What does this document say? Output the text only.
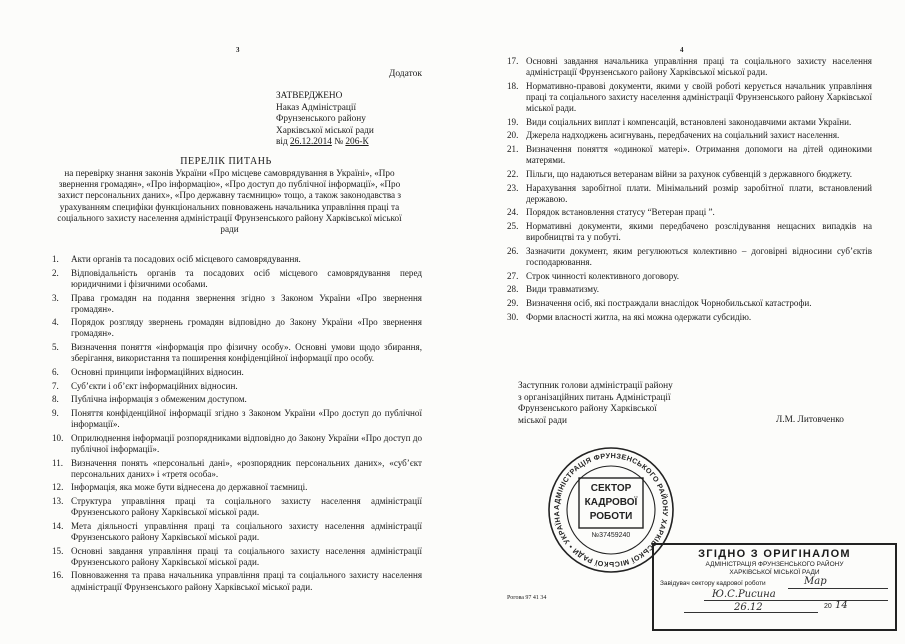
3
Додаток
ЗАТВЕРДЖЕНО
Наказ Адміністрації
Фрунзенського району
Харківської міської ради
від 26.12.2014 № 206-К
ПЕРЕЛІК ПИТАНЬ
на перевірку знання законів України «Про місцеве самоврядування в Україні», «Про звернення громадян», «Про інформацію», «Про доступ до публічної інформації», «Про захист персональних даних», «Про державну таємницю» тощо, а також законодавства з урахуванням специфіки функціональних повноважень начальника управління праці та соціального захисту населення адміністрації Фрунзенського району Харківської міської ради
1. Акти органів та посадових осіб місцевого самоврядування.
2. Відповідальність органів та посадових осіб місцевого самоврядування перед юридичними і фізичними особами.
3. Права громадян на подання звернення згідно з Законом України «Про звернення громадян».
4. Порядок розгляду звернень громадян відповідно до Закону України «Про звернення громадян».
5. Визначення поняття «інформація про фізичну особу». Основні умови щодо збирання, зберігання, використання та поширення конфіденційної інформації про особу.
6. Основні принципи інформаційних відносин.
7. Суб’єкти і об’єкт інформаційних відносин.
8. Публічна інформація з обмеженим доступом.
9. Поняття конфіденційної інформації згідно з Законом України «Про доступ до публічної інформації».
10. Оприлюднення інформації розпорядниками відповідно до Закону України «Про доступ до публічної інформації».
11. Визначення понять «персональні дані», «розпорядник персональних даних», «суб’єкт персональних даних» і «третя особа».
12. Інформація, яка може бути віднесена до державної таємниці.
13. Структура управління праці та соціального захисту населення адміністрації Фрунзенського району Харківської міської ради.
14. Мета діяльності управління праці та соціального захисту населення адміністрації Фрунзенського району Харківської міської ради.
15. Основні завдання управління праці та соціального захисту населення адміністрації Фрунзенського району Харківської міської ради.
16. Повноваження та права начальника управління праці та соціального захисту населення адміністрації Фрунзенського району Харківської міської ради.
4
17. Основні завдання начальника управління праці та соціального захисту населення адміністрації Фрунзенського району Харківської міської ради.
18. Нормативно-правові документи, якими у своїй роботі керується начальник управління праці та соціального захисту населення адміністрації Фрунзенського району Харківської міської ради.
19. Види соціальних виплат і компенсацій, встановлені законодавчими актами України.
20. Джерела надходжень асигнувань, передбачених на соціальний захист населення.
21. Визначення поняття «одинокої матері». Отримання допомоги на дітей одинокими матерями.
22. Пільги, що надаються ветеранам війни за рахунок субвенцій з державного бюджету.
23. Нарахування заробітної плати. Мінімальний розмір заробітної плати, встановлений державою.
24. Порядок встановлення статусу “Ветеран праці ”.
25. Нормативні документи, якими передбачено розслідування нещасних випадків на виробництві та у побуті.
26. Зазначити документ, яким регулюються колективно – договірні відносини суб’єктів господарювання.
27. Строк чинності колективного договору.
28. Види травматизму.
29. Визначення осіб, які постраждали внаслідок Чорнобильської катастрофи.
30. Форми власності житла, на які можна одержати субсидію.
Заступник голови адміністрації району
з організаційних питань Адміністрації
Фрунзенського району Харківської
міської ради	Л.М. Литовченко
АДМІНІСТРАЦІЯ ФРУНЗЕНСЬКОГО РАЙОНУ ХАРКІВСЬКОЇ МІСЬКОЇ РАДИ • УКРАЇНА
СЕКТОР
КАДРОВОЇ
РОБОТИ
№37459240
ЗГІДНО З ОРИГІНАЛОМ
АДМІНІСТРАЦІЯ ФРУНЗЕНСЬКОГО РАЙОНУ
ХАРКІВСЬКОЇ МІСЬКОЇ РАДИ
Завідувач сектору кадрової роботи
20
Мар
Ю.С.Рисина
26.12	14
Рогова 97 41 34
